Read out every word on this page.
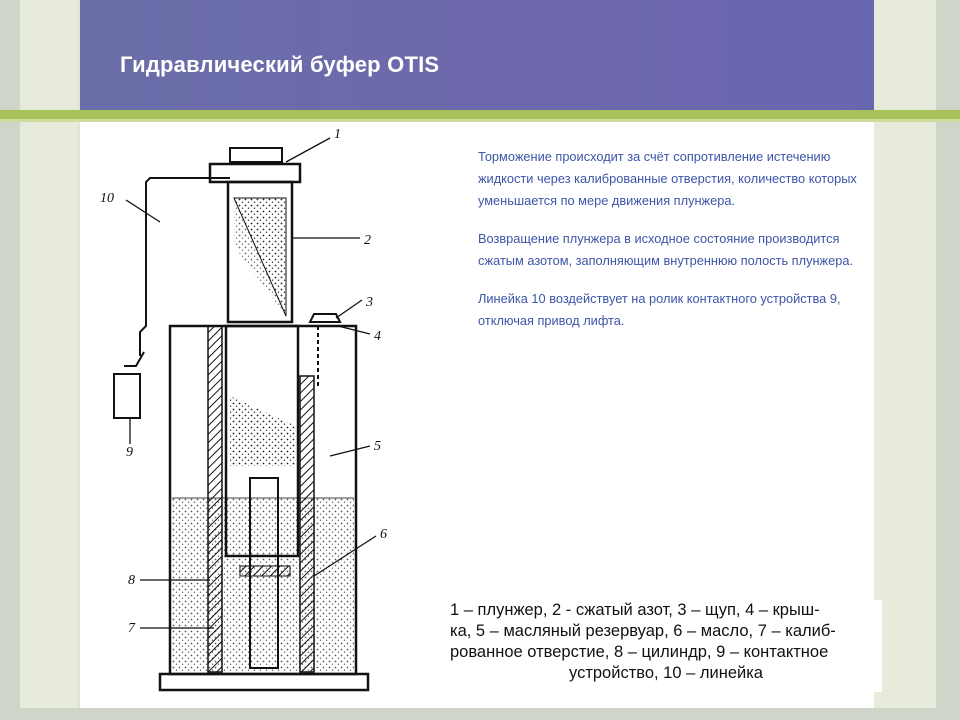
Гидравлический буфер OTIS
1
2
3
4
5
6
8
7
9
10

Торможение происходит за счёт сопротивление истечению жидкости через калиброванные отверстия, количество которых уменьшается по мере движения плунжера.

Возвращение плунжера в исходное состояние производится сжатым азотом, заполняющим внутреннюю полость плунжера.

Линейка 10 воздействует на ролик контактного устройства 9, отключая привод лифта.

1 – плунжер, 2 - сжатый азот, 3 – щуп, 4 – крыш-
ка, 5 – масляный резервуар, 6 – масло, 7 – калиб-
рованное отверстие, 8 – цилиндр, 9 – контактное
устройство, 10 – линейка
